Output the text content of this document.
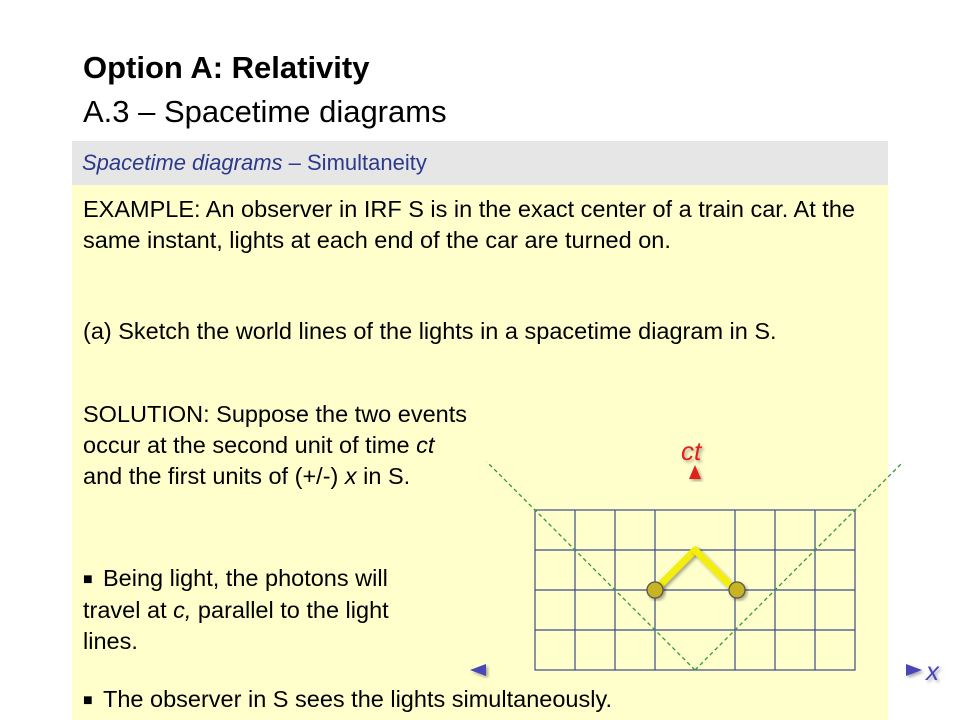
Option A: Relativity
A.3 – Spacetime diagrams
Spacetime diagrams – Simultaneity
EXAMPLE: An observer in IRF S is in the exact center of a train car. At the same instant, lights at each end of the car are turned on.
(a) Sketch the world lines of the lights in a spacetime diagram in S.
SOLUTION: Suppose the two events occur at the second unit of time ct and the first units of (+/-) x in S.
■ Being light, the photons will travel at c, parallel to the light lines.
■ The observer in S sees the lights simultaneously.
ct
x
